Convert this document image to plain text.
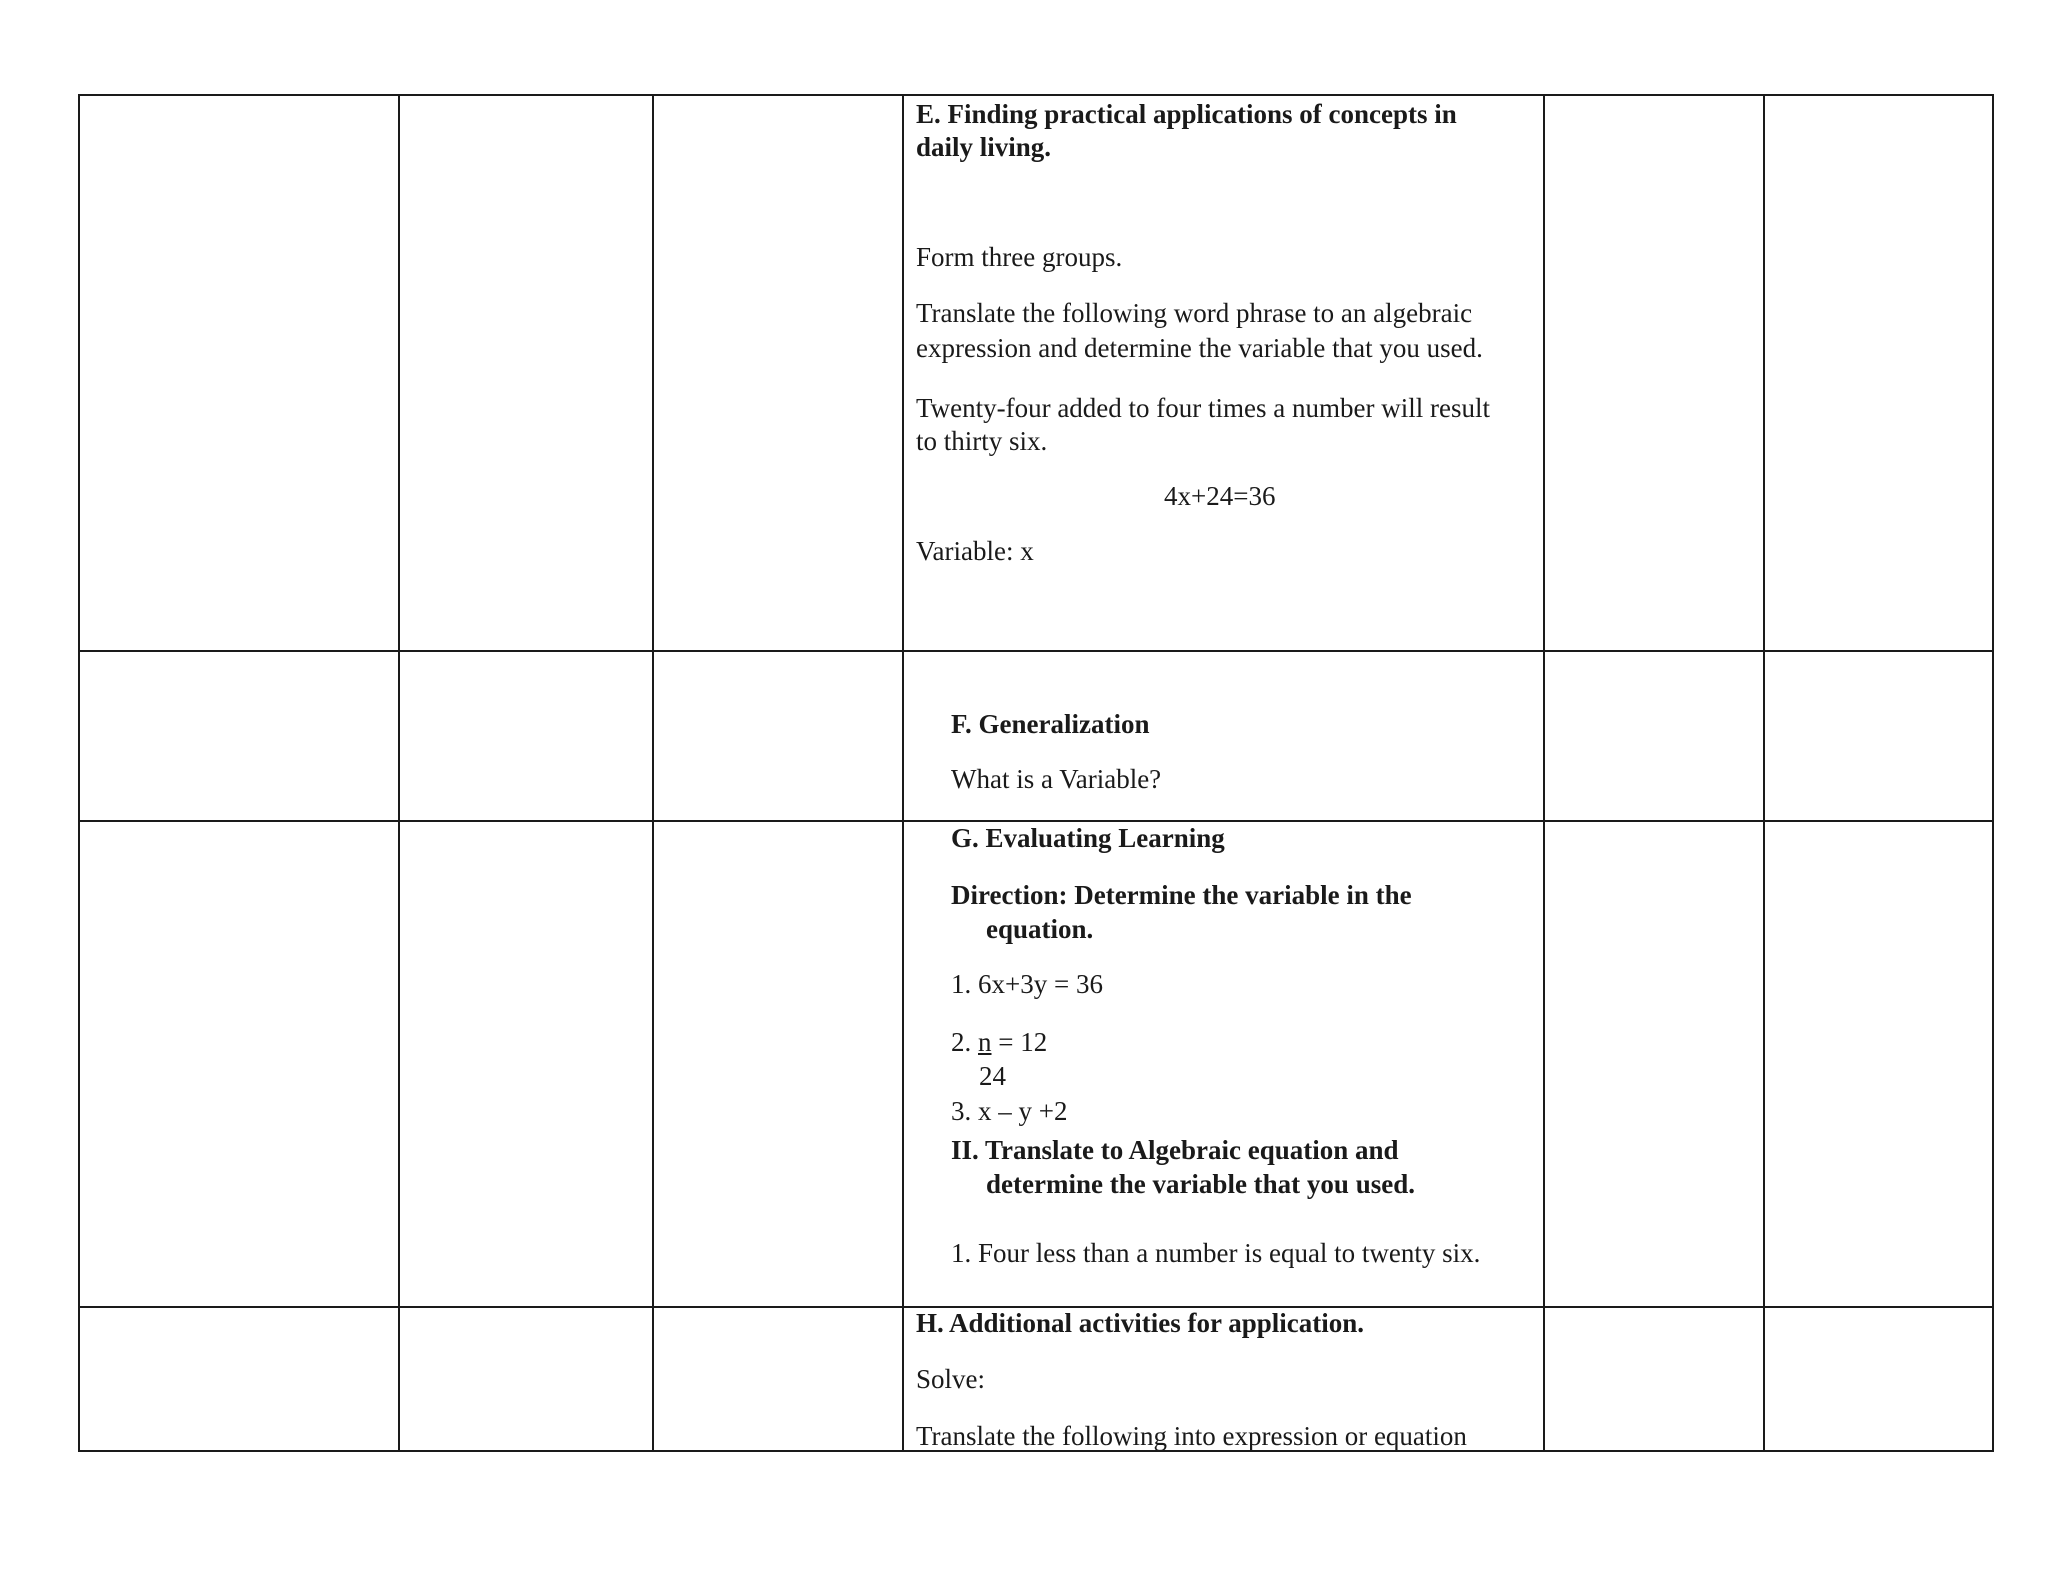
E. Finding practical applications of concepts in

daily living.

Form three groups.

Translate the following word phrase to an algebraic

expression and determine the variable that you used.

Twenty-four added to four times a number will result

to thirty six.

4x+24=36

Variable: x

F. Generalization

What is a Variable?

G. Evaluating Learning

Direction: Determine the variable in the

equation.

1. 6x+3y = 36

2. n = 12

24

3. x – y +2

II. Translate to Algebraic equation and

determine the variable that you used.

1. Four less than a number is equal to twenty six.

H. Additional activities for application.

Solve:

Translate the following into expression or equation
